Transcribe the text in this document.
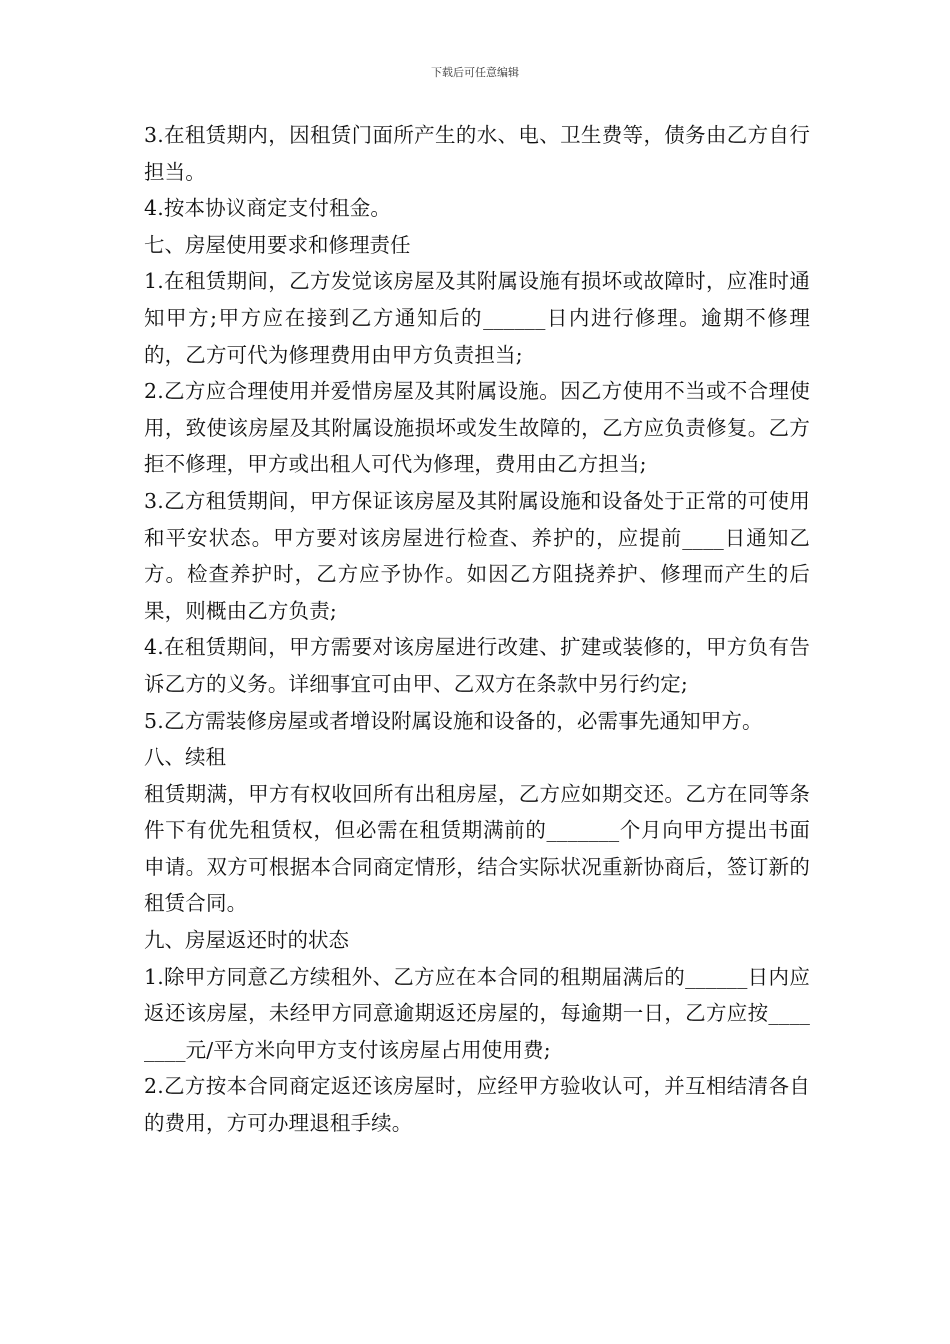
下载后可任意编辑

3.在租赁期内，因租赁门面所产生的水、电、卫生费等，债务由乙方自行担当。

4.按本协议商定支付租金。

七、房屋使用要求和修理责任

1.在租赁期间，乙方发觉该房屋及其附属设施有损坏或故障时，应准时通知甲方;甲方应在接到乙方通知后的______日内进行修理。逾期不修理的，乙方可代为修理费用由甲方负责担当;

2.乙方应合理使用并爱惜房屋及其附属设施。因乙方使用不当或不合理使用，致使该房屋及其附属设施损坏或发生故障的，乙方应负责修复。乙方拒不修理，甲方或出租人可代为修理，费用由乙方担当;

3.乙方租赁期间，甲方保证该房屋及其附属设施和设备处于正常的可使用和平安状态。甲方要对该房屋进行检查、养护的，应提前____日通知乙方。检查养护时，乙方应予协作。如因乙方阻挠养护、修理而产生的后果，则概由乙方负责;

4.在租赁期间，甲方需要对该房屋进行改建、扩建或装修的，甲方负有告诉乙方的义务。详细事宜可由甲、乙双方在条款中另行约定;

5.乙方需装修房屋或者增设附属设施和设备的，必需事先通知甲方。

八、续租

租赁期满，甲方有权收回所有出租房屋，乙方应如期交还。乙方在同等条件下有优先租赁权，但必需在租赁期满前的_______个月向甲方提出书面申请。双方可根据本合同商定情形，结合实际状况重新协商后，签订新的租赁合同。

九、房屋返还时的状态

1.除甲方同意乙方续租外、乙方应在本合同的租期届满后的______日内应返还该房屋，未经甲方同意逾期返还房屋的，每逾期一日，乙方应按________元/平方米向甲方支付该房屋占用使用费;

2.乙方按本合同商定返还该房屋时，应经甲方验收认可，并互相结清各自的费用，方可办理退租手续。
